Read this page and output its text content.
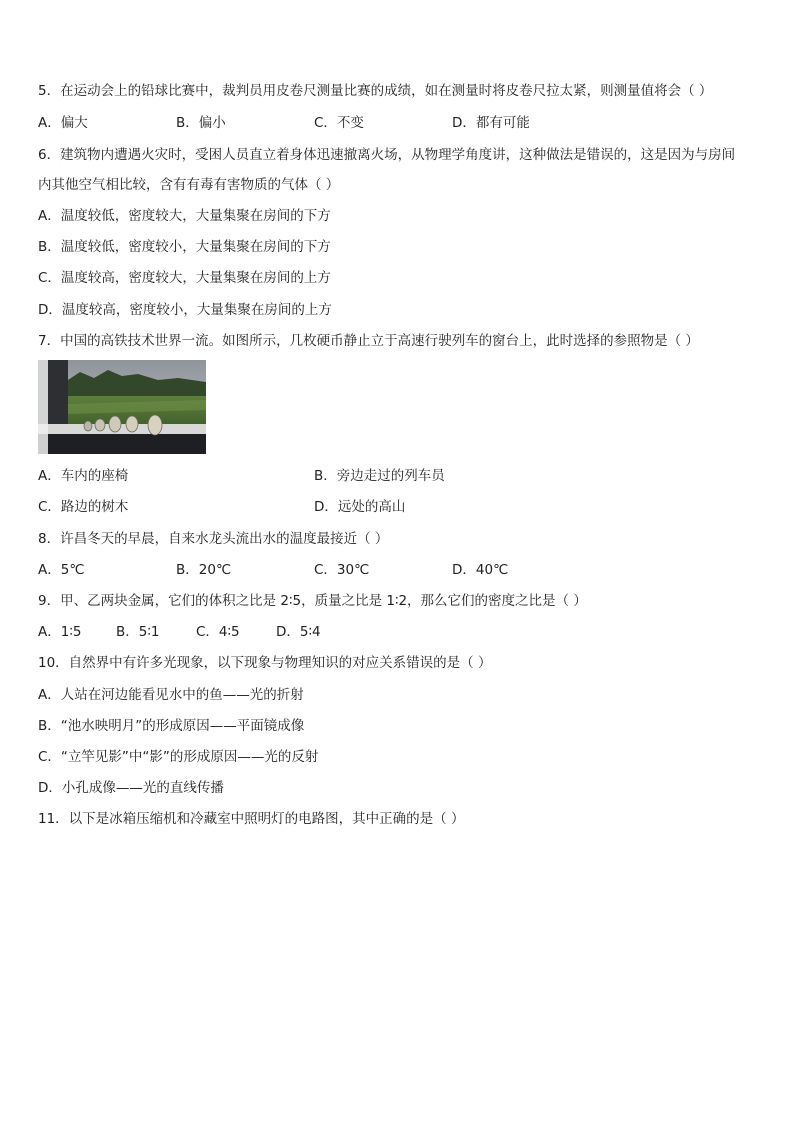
5．在运动会上的铅球比赛中，裁判员用皮卷尺测量比赛的成绩，如在测量时将皮卷尺拉太紧，则测量值将会（ ）
A．偏大	B．偏小	C．不变	D．都有可能
6．建筑物内遭遇火灾时，受困人员直立着身体迅速撤离火场，从物理学角度讲，这种做法是错误的，这是因为与房间
内其他空气相比较，含有有毒有害物质的气体（ ）
A．温度较低，密度较大，大量集聚在房间的下方
B．温度较低，密度较小，大量集聚在房间的下方
C．温度较高，密度较大，大量集聚在房间的上方
D．温度较高，密度较小，大量集聚在房间的上方
7．中国的高铁技术世界一流。如图所示，几枚硬币静止立于高速行驶列车的窗台上，此时选择的参照物是（ ）
A．车内的座椅	B．旁边走过的列车员
C．路边的树木	D．远处的高山
8．许昌冬天的早晨，自来水龙头流出水的温度最接近（ ）
A．5℃	B．20℃	C．30℃	D．40℃
9．甲、乙两块金属，它们的体积之比是 2∶5，质量之比是 1∶2，那么它们的密度之比是（ ）
A．1∶5	B．5∶1	C．4∶5	D．5∶4
10．自然界中有许多光现象，以下现象与物理知识的对应关系错误的是（ ）
A．人站在河边能看见水中的鱼——光的折射
B．“池水映明月”的形成原因——平面镜成像
C．“立竿见影”中“影”的形成原因——光的反射
D．小孔成像——光的直线传播
11．以下是冰箱压缩机和冷藏室中照明灯的电路图，其中正确的是（ ）
